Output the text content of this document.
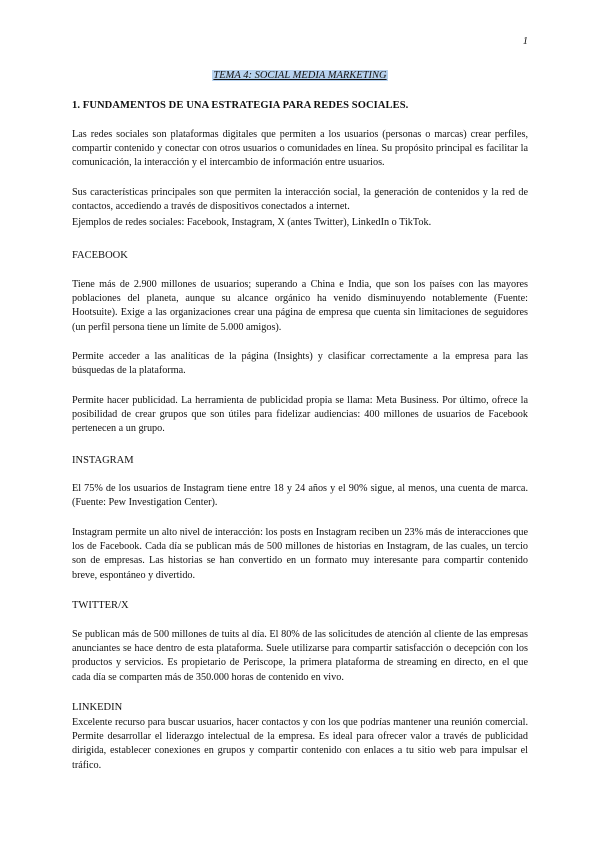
1
TEMA 4: SOCIAL MEDIA MARKETING
1. FUNDAMENTOS DE UNA ESTRATEGIA PARA REDES SOCIALES.

Las redes sociales son plataformas digitales que permiten a los usuarios (personas o marcas) crear perfiles, compartir contenido y conectar con otros usuarios o comunidades en línea. Su propósito principal es facilitar la comunicación, la interacción y el intercambio de información entre usuarios.

Sus características principales son que permiten la interacción social, la generación de contenidos y la red de contactos, accediendo a través de dispositivos conectados a internet.

Ejemplos de redes sociales: Facebook, Instagram, X (antes Twitter), LinkedIn o TikTok.

FACEBOOK

Tiene más de 2.900 millones de usuarios; superando a China e India, que son los países con las mayores poblaciones del planeta, aunque su alcance orgánico ha venido disminuyendo notablemente (Fuente: Hootsuite). Exige a las organizaciones crear una página de empresa que cuenta sin limitaciones de seguidores (un perfil persona tiene un límite de 5.000 amigos).

Permite acceder a las analíticas de la página (Insights) y clasificar correctamente a la empresa para las búsquedas de la plataforma.

Permite hacer publicidad. La herramienta de publicidad propia se llama: Meta Business. Por último, ofrece la posibilidad de crear grupos que son útiles para fidelizar audiencias: 400 millones de usuarios de Facebook pertenecen a un grupo.

INSTAGRAM

El 75% de los usuarios de Instagram tiene entre 18 y 24 años y el 90% sigue, al menos, una cuenta de marca. (Fuente: Pew Investigation Center).

Instagram permite un alto nivel de interacción: los posts en Instagram reciben un 23% más de interacciones que los de Facebook. Cada día se publican más de 500 millones de historias en Instagram, de las cuales, un tercio son de empresas. Las historias se han convertido en un formato muy interesante para compartir contenido breve, espontáneo y divertido.

TWITTER/X

Se publican más de 500 millones de tuits al día. El 80% de las solicitudes de atención al cliente de las empresas anunciantes se hace dentro de esta plataforma. Suele utilizarse para compartir satisfacción o decepción con los productos y servicios. Es propietario de Periscope, la primera plataforma de streaming en directo, en el que cada día se comparten más de 350.000 horas de contenido en vivo.

LINKEDIN

Excelente recurso para buscar usuarios, hacer contactos y con los que podrías mantener una reunión comercial. Permite desarrollar el liderazgo intelectual de la empresa. Es ideal para ofrecer valor a través de publicidad dirigida, establecer conexiones en grupos y compartir contenido con enlaces a tu sitio web para impulsar el tráfico.
